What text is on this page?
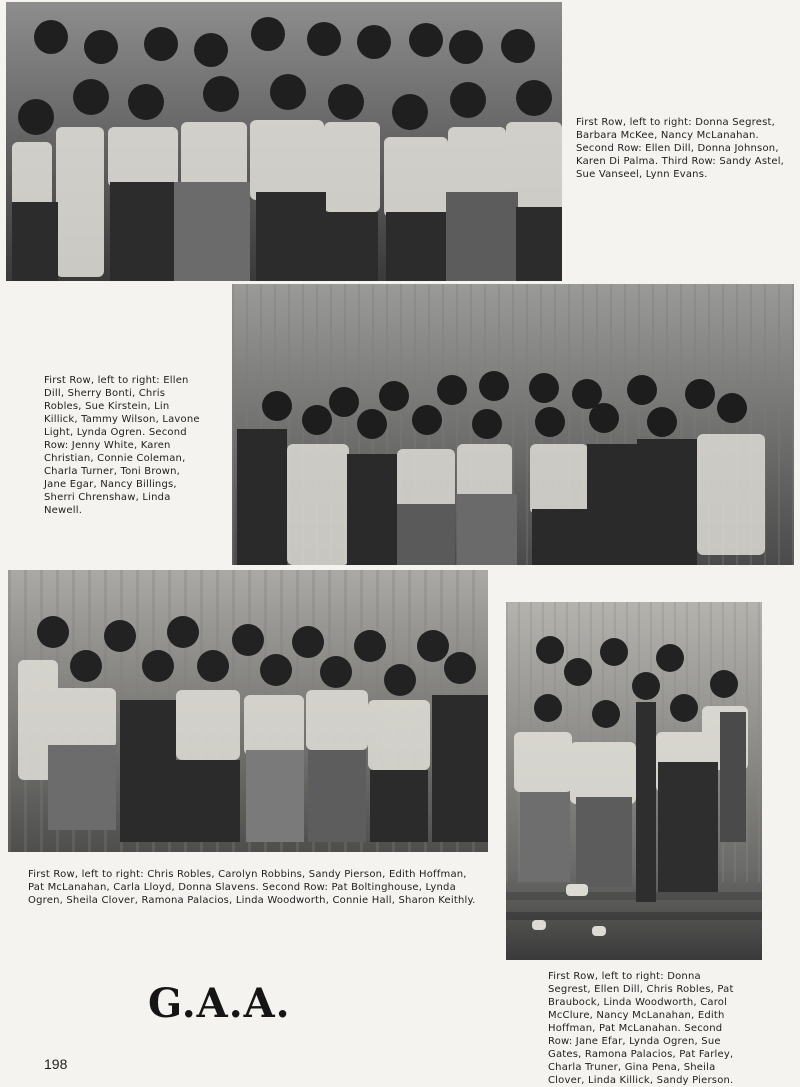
First Row, left to right: Donna Segrest, Barbara McKee, Nancy McLanahan. Second Row: Ellen Dill, Donna Johnson, Karen Di Palma. Third Row: Sandy Astel, Sue Vanseel, Lynn Evans.
First Row, left to right: Ellen Dill, Sherry Bonti, Chris Robles, Sue Kirstein, Lin Killick, Tammy Wilson, Lavone Light, Lynda Ogren. Second Row: Jenny White, Karen Christian, Connie Coleman, Charla Turner, Toni Brown, Jane Egar, Nancy Billings, Sherri Chrenshaw, Linda Newell.
First Row, left to right: Chris Robles, Carolyn Robbins, Sandy Pierson, Edith Hoffman, Pat McLanahan, Carla Lloyd, Donna Slavens. Second Row: Pat Boltinghouse, Lynda Ogren, Sheila Clover, Ramona Palacios, Linda Woodworth, Connie Hall, Sharon Keithly.
First Row, left to right: Donna Segrest, Ellen Dill, Chris Robles, Pat Braubock, Linda Woodworth, Carol McClure, Nancy McLanahan, Edith Hoffman, Pat McLanahan. Second Row: Jane Efar, Lynda Ogren, Sue Gates, Ramona Palacios, Pat Farley, Charla Truner, Gina Pena, Sheila Clover, Linda Killick, Sandy Pierson.
G.A.A.
198
